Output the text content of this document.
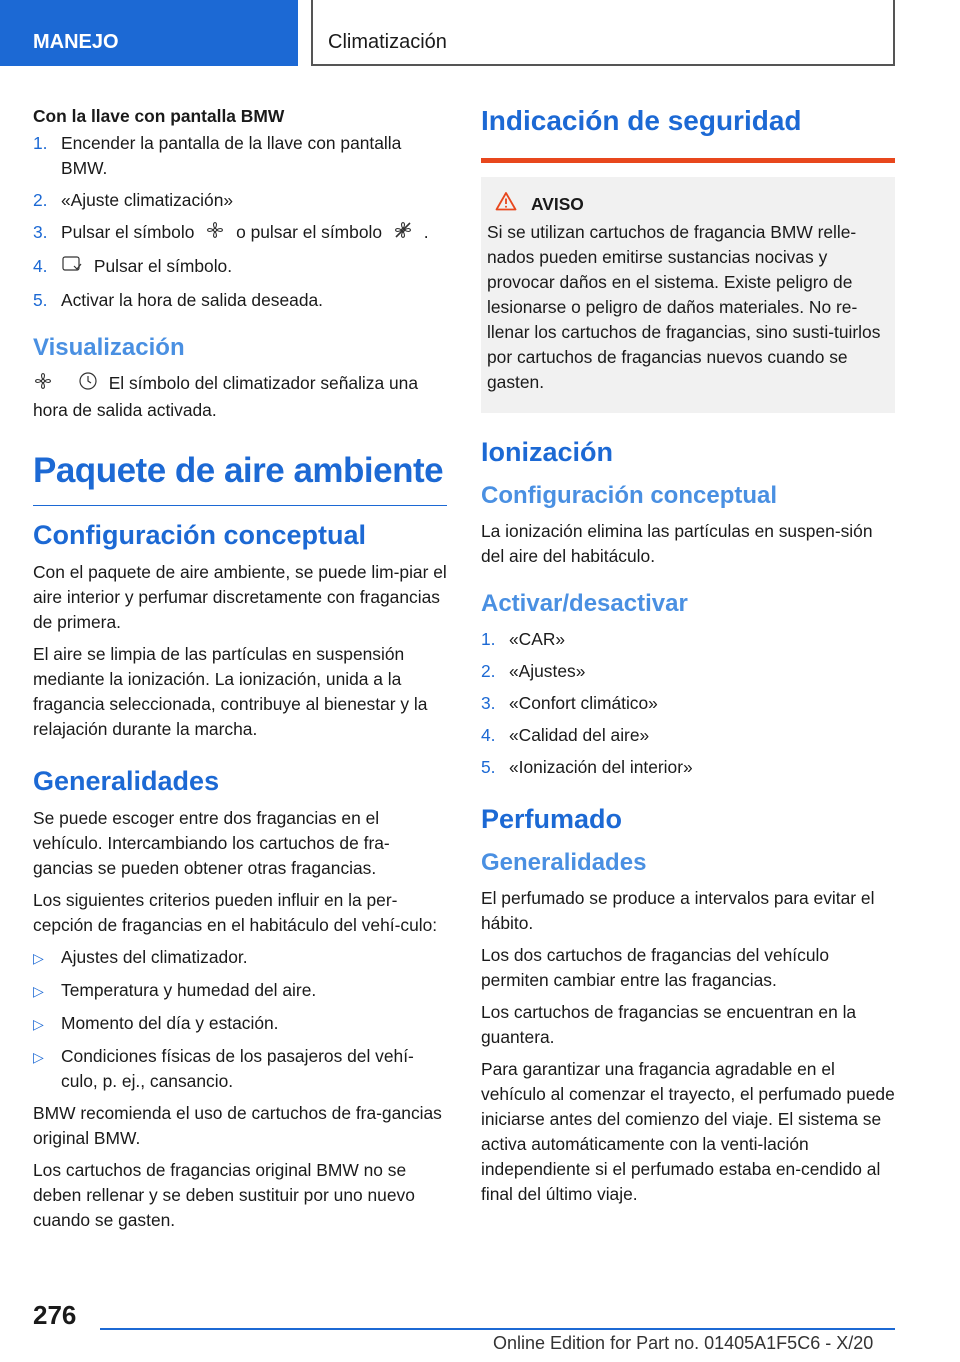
MANEJO	Climatización
Con la llave con pantalla BMW
1. Encender la pantalla de la llave con pantalla BMW.
2. «Ajuste climatización»
3. Pulsar el símbolo o pulsar el símbolo .
4.	Pulsar el símbolo.
5. Activar la hora de salida deseada.
Visualización
El símbolo del climatizador señaliza una hora de salida activada.
Paquete de aire ambiente
Configuración conceptual
Con el paquete de aire ambiente, se puede lim-piar el aire interior y perfumar discretamente con fragancias de primera.
El aire se limpia de las partículas en suspensión mediante la ionización. La ionización, unida a la fragancia seleccionada, contribuye al bienestar y la relajación durante la marcha.
Generalidades
Se puede escoger entre dos fragancias en el vehículo. Intercambiando los cartuchos de fra-gancias se pueden obtener otras fragancias.
Los siguientes criterios pueden influir en la per-cepción de fragancias en el habitáculo del vehí-culo:
▷ Ajustes del climatizador.
▷ Temperatura y humedad del aire.
▷ Momento del día y estación.
▷ Condiciones físicas de los pasajeros del vehí-culo, p. ej., cansancio.
BMW recomienda el uso de cartuchos de fra-gancias original BMW.
Los cartuchos de fragancias original BMW no se deben rellenar y se deben sustituir por uno nuevo cuando se gasten.
Indicación de seguridad
AVISO
Si se utilizan cartuchos de fragancia BMW relle-nados pueden emitirse sustancias nocivas y provocar daños en el sistema. Existe peligro de lesionarse o peligro de daños materiales. No re-llenar los cartuchos de fragancias, sino susti-tuirlos por cartuchos de fragancias nuevos cuando se gasten.
Ionización
Configuración conceptual
La ionización elimina las partículas en suspen-sión del aire del habitáculo.
Activar/desactivar
1. «CAR»
2. «Ajustes»
3. «Confort climático»
4. «Calidad del aire»
5. «Ionización del interior»
Perfumado
Generalidades
El perfumado se produce a intervalos para evitar el hábito.
Los dos cartuchos de fragancias del vehículo permiten cambiar entre las fragancias.
Los cartuchos de fragancias se encuentran en la guantera.
Para garantizar una fragancia agradable en el vehículo al comenzar el trayecto, el perfumado puede iniciarse antes del comienzo del viaje. El sistema se activa automáticamente con la venti-lación independiente si el perfumado estaba en-cendido al final del último viaje.
276
Online Edition for Part no. 01405A1F5C6 - X/20
